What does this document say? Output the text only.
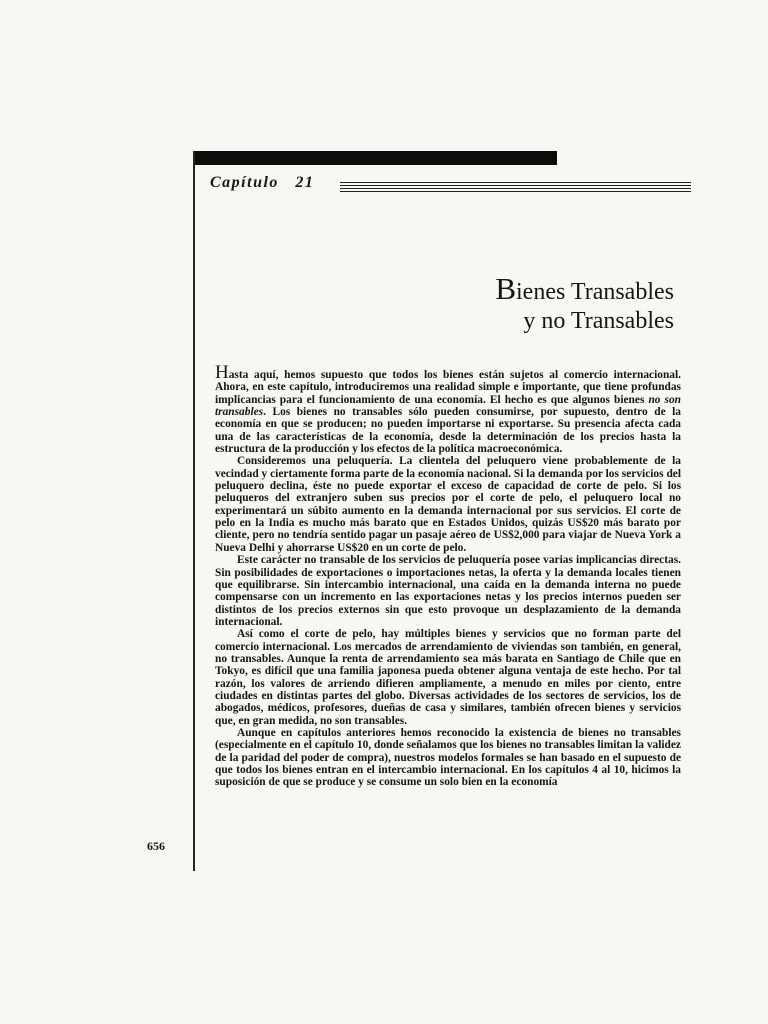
Capítulo 21
Bienes Transables
y no Transables

Hasta aquí, hemos supuesto que todos los bienes están sujetos al comercio internacional. Ahora, en este capítulo, introduciremos una realidad simple e importante, que tiene profundas implicancias para el funcionamiento de una economía. El hecho es que algunos bienes no son transables. Los bienes no transables sólo pueden consumirse, por supuesto, dentro de la economía en que se producen; no pueden importarse ni exportarse. Su presencia afecta cada una de las características de la economía, desde la determinación de los precios hasta la estructura de la producción y los efectos de la política macroeconómica.

Consideremos una peluquería. La clientela del peluquero viene probablemente de la vecindad y ciertamente forma parte de la economía nacional. Si la demanda por los servicios del peluquero declina, éste no puede exportar el exceso de capacidad de corte de pelo. Si los peluqueros del extranjero suben sus precios por el corte de pelo, el peluquero local no experimentará un súbito aumento en la demanda internacional por sus servicios. El corte de pelo en la India es mucho más barato que en Estados Unidos, quizás US$20 más barato por cliente, pero no tendría sentido pagar un pasaje aéreo de US$2,000 para viajar de Nueva York a Nueva Delhi y ahorrarse US$20 en un corte de pelo.

Este carácter no transable de los servicios de peluquería posee varias implicancias directas. Sin posibilidades de exportaciones o importaciones netas, la oferta y la demanda locales tienen que equilibrarse. Sin intercambio internacional, una caída en la demanda interna no puede compensarse con un incremento en las exportaciones netas y los precios internos pueden ser distintos de los precios externos sin que esto provoque un desplazamiento de la demanda internacional.

Así como el corte de pelo, hay múltiples bienes y servicios que no forman parte del comercio internacional. Los mercados de arrendamiento de viviendas son también, en general, no transables. Aunque la renta de arrendamiento sea más barata en Santiago de Chile que en Tokyo, es difícil que una familia japonesa pueda obtener alguna ventaja de este hecho. Por tal razón, los valores de arriendo difieren ampliamente, a menudo en miles por ciento, entre ciudades en distintas partes del globo. Diversas actividades de los sectores de servicios, los de abogados, médicos, profesores, dueñas de casa y similares, también ofrecen bienes y servicios que, en gran medida, no son transables.

Aunque en capítulos anteriores hemos reconocido la existencia de bienes no transables (especialmente en el capítulo 10, donde señalamos que los bienes no transables limitan la validez de la paridad del poder de compra), nuestros modelos formales se han basado en el supuesto de que todos los bienes entran en el intercambio internacional. En los capítulos 4 al 10, hicimos la suposición de que se produce y se consume un solo bien en la economía

656
